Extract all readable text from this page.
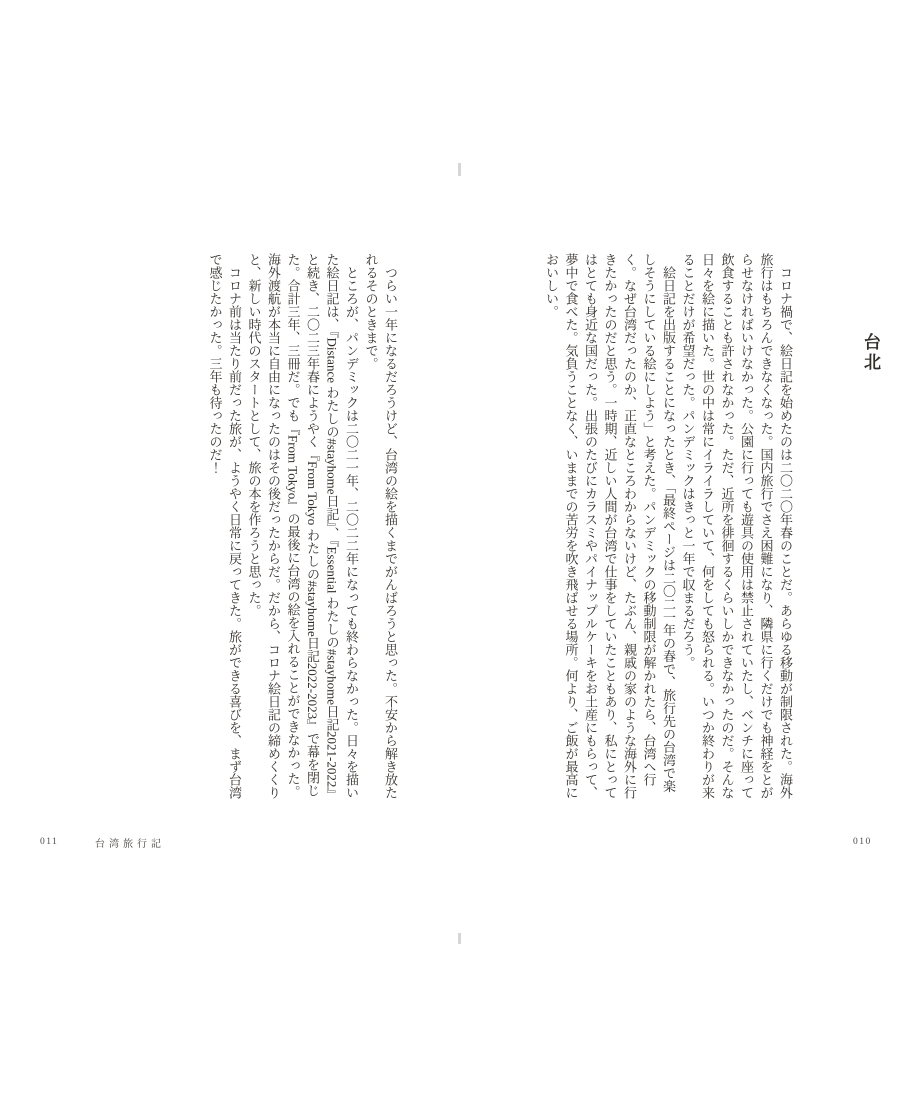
台北

コロナ禍で、絵日記を始めたのは二〇二〇年春のことだ。あらゆる移動が制限された。海外旅行はもちろんできなくなった。国内旅行でさえ困難になり、隣県に行くだけでも神経をとがらせなければいけなかった。公園に行っても遊具の使用は禁止されていたし、ベンチに座って飲食することも許されなかった。ただ、近所を徘徊するくらいしかできなかったのだ。そんな日々を絵に描いた。世の中は常にイライラしていて、何をしても怒られる。いつか終わりが来ることだけが希望だった。パンデミックはきっと一年で収まるだろう。

絵日記を出版することになったとき、「最終ページは二〇二一年の春で、旅行先の台湾で楽しそうにしている絵にしよう」と考えた。パンデミックの移動制限が解かれたら、台湾へ行く。なぜ台湾だったのか、正直なところわからないけど、たぶん、親戚の家のような海外に行きたかったのだと思う。一時期、近しい人間が台湾で仕事をしていたこともあり、私にとってはとても身近な国だった。出張のたびにカラスミやパイナップルケーキをお土産にもらって、夢中で食べた。気負うことなく、いままでの苦労を吹き飛ばせる場所。何より、ご飯が最高においしい。

010

つらい一年になるだろうけど、台湾の絵を描くまでがんばろうと思った。不安から解き放たれるそのときまで。

ところが、パンデミックは二〇二一年、二〇二二年になっても終わらなかった。日々を描いた絵日記は、『Distance わたしの#stayhome日記』、『Essential わたしの#stayhome日記2021-2022』と続き、二〇二三年春にようやく『From Tokyo わたしの#stayhome日記2022-2023』で幕を閉じた。合計三年、三冊だ。でも『From Tokyo』の最後に台湾の絵を入れることができなかった。海外渡航が本当に自由になったのはその後だったからだ。だから、コロナ絵日記の締めくくりと、新しい時代のスタートとして、旅の本を作ろうと思った。

コロナ前は当たり前だった旅が、ようやく日常に戻ってきた。旅ができる喜びを、まず台湾で感じたかった。三年も待ったのだ！

台湾旅行記
011
